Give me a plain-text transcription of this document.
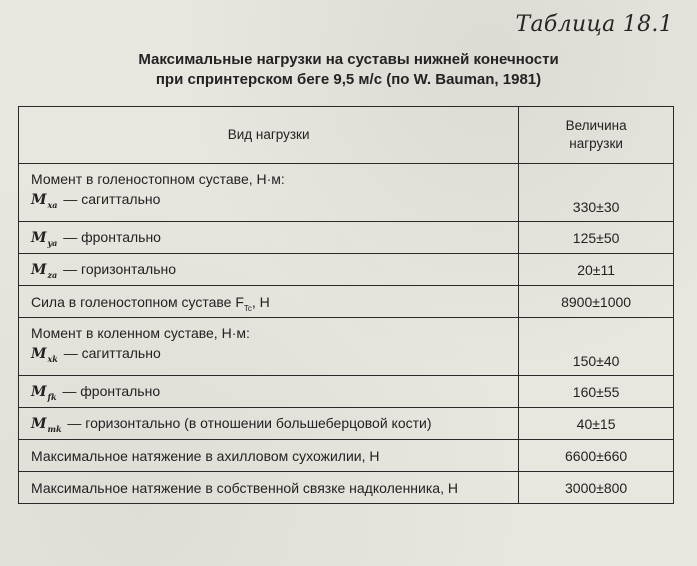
Таблица 18.1
Максимальные нагрузки на суставы нижней конечности
при спринтерском беге 9,5 м/с (по W. Bauman, 1981)
Вид нагрузки	Величина
нагрузки

Момент в голеностопном суставе, Н·м:
$M_{xa}$ — сагиттально	330±30
$M_{ya}$ — фронтально	125±50
$M_{za}$ — горизонтально	20±11
Сила в голеностопном суставе $F_{Tc}$, Н	8900±1000

Момент в коленном суставе, Н·м:
$M_{xk}$ — сагиттально	150±40
$M_{fk}$ — фронтально	160±55
$M_{mk}$ — горизонтально (в отношении большеберцовой кости)	40±15
Максимальное натяжение в ахилловом сухожилии, Н	6600±660
Максимальное натяжение в собственной связке надколенника, Н	3000±800
